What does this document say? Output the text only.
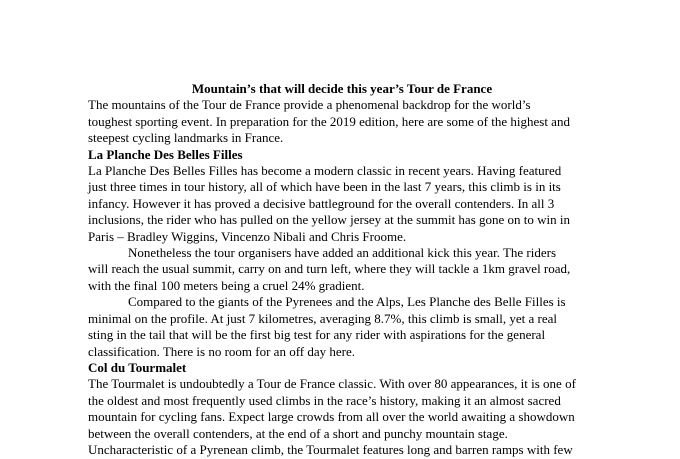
Mountain’s that will decide this year’s Tour de France

The mountains of the Tour de France provide a phenomenal backdrop for the world’s
toughest sporting event. In preparation for the 2019 edition, here are some of the highest and
steepest cycling landmarks in France.

La Planche Des Belles Filles

La Planche Des Belles Filles has become a modern classic in recent years. Having featured
just three times in tour history, all of which have been in the last 7 years, this climb is in its
infancy. However it has proved a decisive battleground for the overall contenders. In all 3
inclusions, the rider who has pulled on the yellow jersey at the summit has gone on to win in
Paris – Bradley Wiggins, Vincenzo Nibali and Chris Froome.

Nonetheless the tour organisers have added an additional kick this year. The riders
will reach the usual summit, carry on and turn left, where they will tackle a 1km gravel road,
with the final 100 meters being a cruel 24% gradient.

Compared to the giants of the Pyrenees and the Alps, Les Planche des Belle Filles is
minimal on the profile. At just 7 kilometres, averaging 8.7%, this climb is small, yet a real
sting in the tail that will be the first big test for any rider with aspirations for the general
classification. There is no room for an off day here.

Col du Tourmalet

The Tourmalet is undoubtedly a Tour de France classic. With over 80 appearances, it is one of
the oldest and most frequently used climbs in the race’s history, making it an almost sacred
mountain for cycling fans. Expect large crowds from all over the world awaiting a showdown
between the overall contenders, at the end of a short and punchy mountain stage.
Uncharacteristic of a Pyrenean climb, the Tourmalet features long and barren ramps with few
